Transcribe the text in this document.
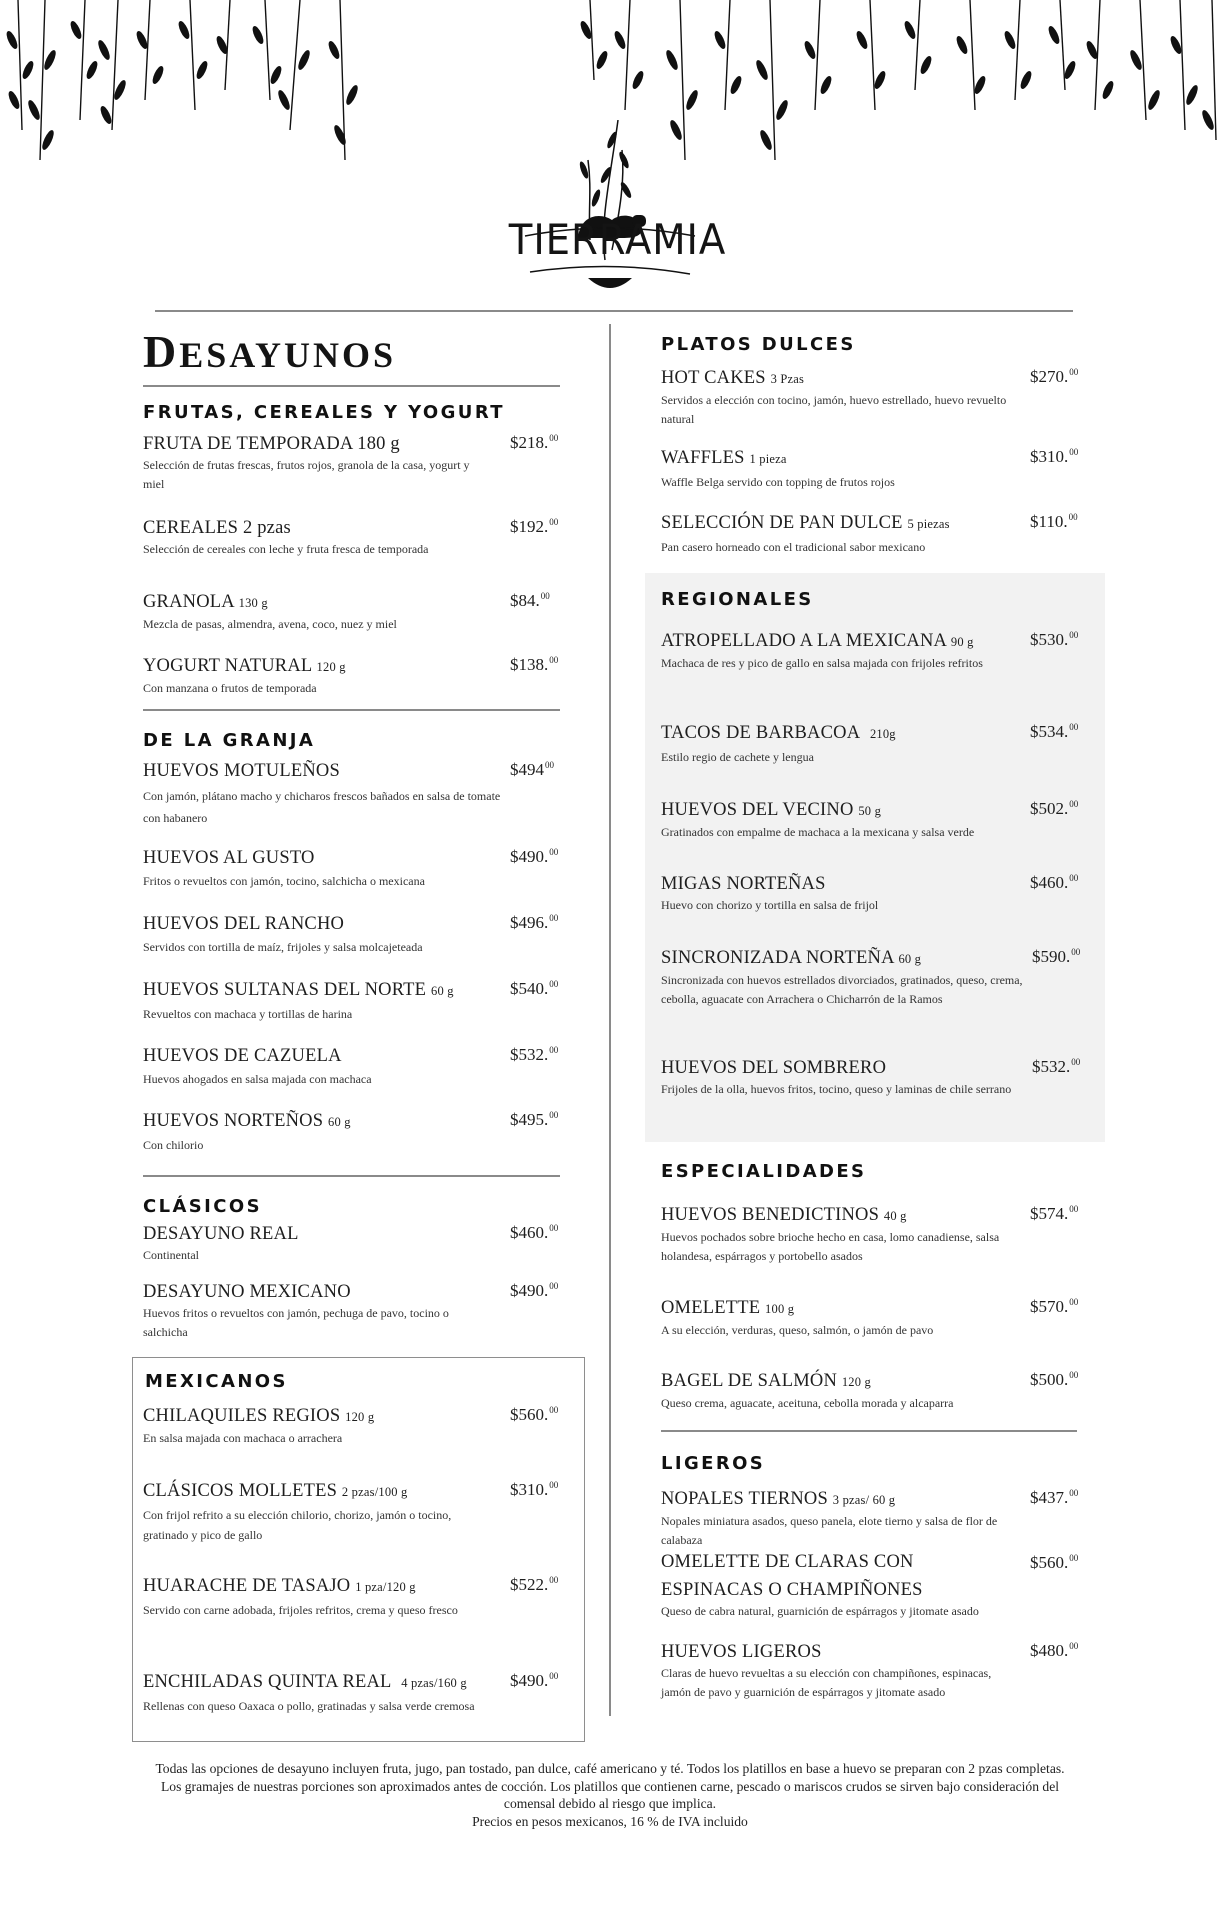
TIERRAMIA
DESAYUNOS
FRUTAS, CEREALES Y YOGURT
FRUTA DE TEMPORADA 180 g
Selección de frutas frescas, frutos rojos, granola de la casa, yogurt y miel
$218.00
CEREALES 2 pzas
Selección de cereales con leche y fruta fresca de temporada
$192.00
GRANOLA 130 g
Mezcla de pasas, almendra, avena, coco, nuez y miel
$84.00
YOGURT NATURAL 120 g
Con manzana o frutos de temporada
$138.00
DE LA GRANJA
HUEVOS MOTULEÑOS
Con jamón, plátano macho y chicharos frescos bañados en salsa de tomate con habanero
$\$494^{00}$
HUEVOS AL GUSTO
Fritos o revueltos con jamón, tocino, salchicha o mexicana
$490.00
HUEVOS DEL RANCHO
Servidos con tortilla de maíz, frijoles y salsa molcajeteada
$496.00
HUEVOS SULTANAS DEL NORTE 60 g
Revueltos con machaca y tortillas de harina
$540.00
HUEVOS DE CAZUELA
Huevos ahogados en salsa majada con machaca
$532.00
HUEVOS NORTEÑOS 60 g
Con chilorio
$495.00
CLÁSICOS
DESAYUNO REAL
Continental
$460.00
DESAYUNO MEXICANO
Huevos fritos o revueltos con jamón, pechuga de pavo, tocino o salchicha
$490.00
MEXICANOS
CHILAQUILES REGIOS 120 g
En salsa majada con machaca o arrachera
$560.00
CLÁSICOS MOLLETES 2 pzas/100 g
Con frijol refrito a su elección chilorio, chorizo, jamón o tocino, gratinado y pico de gallo
$310.00
HUARACHE DE TASAJO 1 pza/120 g
Servido con carne adobada, frijoles refritos, crema y queso fresco
$522.00
ENCHILADAS QUINTA REAL 4 pzas/160 g
Rellenas con queso Oaxaca o pollo, gratinadas y salsa verde cremosa
$490.00
PLATOS DULCES
HOT CAKES 3 Pzas
Servidos a elección con tocino, jamón, huevo estrellado, huevo revuelto natural
$270.00
WAFFLES 1 pieza
Waffle Belga servido con topping de frutos rojos
$310.00
SELECCIÓN DE PAN DULCE 5 piezas
Pan casero horneado con el tradicional sabor mexicano
$110.00
REGIONALES
ATROPELLADO A LA MEXICANA 90 g
Machaca de res y pico de gallo en salsa majada con frijoles refritos
$530.00
TACOS DE BARBACOA 210g
Estilo regio de cachete y lengua
$534.00
HUEVOS DEL VECINO 50 g
Gratinados con empalme de machaca a la mexicana y salsa verde
$502.00
MIGAS NORTEÑAS
Huevo con chorizo y tortilla en salsa de frijol
$460.00
SINCRONIZADA NORTEÑA 60 g
Sincronizada con huevos estrellados divorciados, gratinados, queso, crema, cebolla, aguacate con Arrachera o Chicharrón de la Ramos
$590.00
HUEVOS DEL SOMBRERO
Frijoles de la olla, huevos fritos, tocino, queso y laminas de chile serrano
$532.00
ESPECIALIDADES
HUEVOS BENEDICTINOS 40 g
Huevos pochados sobre brioche hecho en casa, lomo canadiense, salsa holandesa, espárragos y portobello asados
$574.00
OMELETTE 100 g
A su elección, verduras, queso, salmón, o jamón de pavo
$570.00
BAGEL DE SALMÓN 120 g
Queso crema, aguacate, aceituna, cebolla morada y alcaparra
$500.00
LIGEROS
NOPALES TIERNOS 3 pzas/ 60 g
Nopales miniatura asados, queso panela, elote tierno y salsa de flor de calabaza
$437.00
OMELETTE DE CLARAS CON
ESPINACAS O CHAMPIÑONES
Queso de cabra natural, guarnición de espárragos y jitomate asado
$560.00
HUEVOS LIGEROS
Claras de huevo revueltas a su elección con champiñones, espinacas, jamón de pavo y guarnición de espárragos y jitomate asado
$480.00
Todas las opciones de desayuno incluyen fruta, jugo, pan tostado, pan dulce, café americano y té. Todos los platillos en base a huevo se preparan con 2 pzas completas. Los gramajes de nuestras porciones son aproximados antes de cocción. Los platillos que contienen carne, pescado o mariscos crudos se sirven bajo consideración del comensal debido al riesgo que implica.
Precios en pesos mexicanos, 16 % de IVA incluido
